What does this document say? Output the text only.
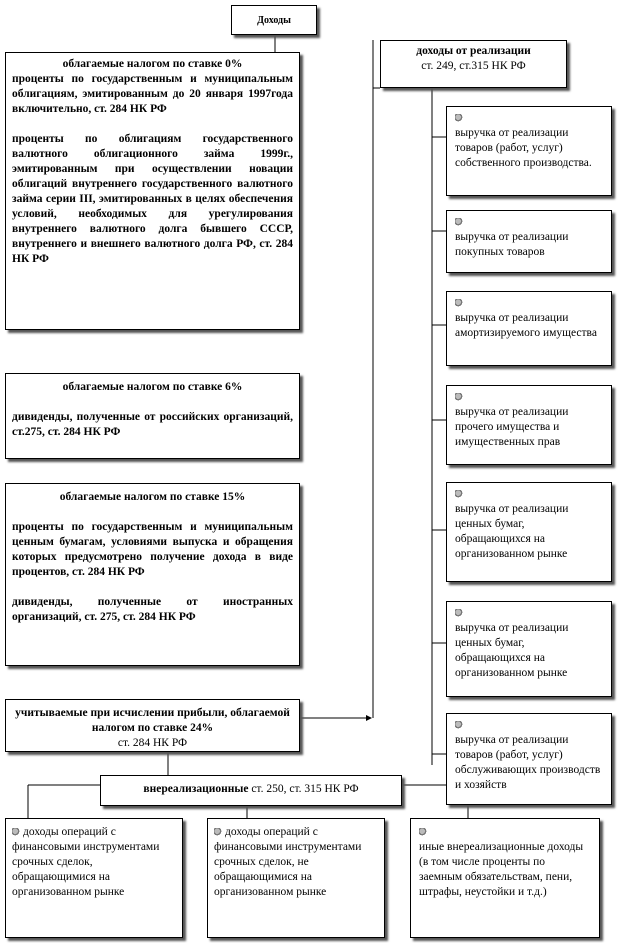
Доходы
облагаемые налогом по ставке 0%
проценты по государственным и муниципальным облигациям, эмитированным до 20 января 1997года включительно, ст. 284 НК РФ
проценты по облигациям государственного валютного облигационного займа 1999г., эмитированным при осуществлении новации облигаций внутреннего государственного валютного займа серии III, эмитированных в целях обеспечения условий, необходимых для урегулирования внутреннего валютного долга бывшего СССР, внутреннего и внешнего валютного долга РФ, ст. 284 НК РФ
облагаемые налогом по ставке 6%
дивиденды, полученные от российских организаций, ст.275, ст. 284 НК РФ
облагаемые налогом по ставке 15%
проценты по государственным и муниципальным ценным бумагам, условиями выпуска и обращения которых предусмотрено получение дохода в виде процентов, ст. 284 НК РФ
дивиденды, полученные от иностранных организаций, ст. 275, ст. 284 НК РФ
учитываемые при исчислении прибыли, облагаемой налогом по ставке 24%
ст. 284 НК РФ
доходы от реализации
ст. 249, ст.315 НК РФ

выручка от реализации товаров (работ, услуг) собственного производства.

выручка от реализации покупных товаров

выручка от реализации амортизируемого имущества

выручка от реализации прочего имущества и имущественных прав

выручка от реализации ценных бумаг, обращающихся на организованном рынке

выручка от реализации ценных бумаг, обращающихся на организованном рынке

выручка от реализации товаров (работ, услуг) обслуживающих производств и хозяйств
внереализационные ст. 250, ст. 315 НК РФ
доходы операций с финансовыми инструментами срочных сделок, обращающимися на организованном рынке
доходы операций с финансовыми инструментами срочных сделок, не обращающимися на организованном рынке

иные внереализационные доходы (в том числе проценты по заемным обязательствам, пени, штрафы, неустойки и т.д.)
